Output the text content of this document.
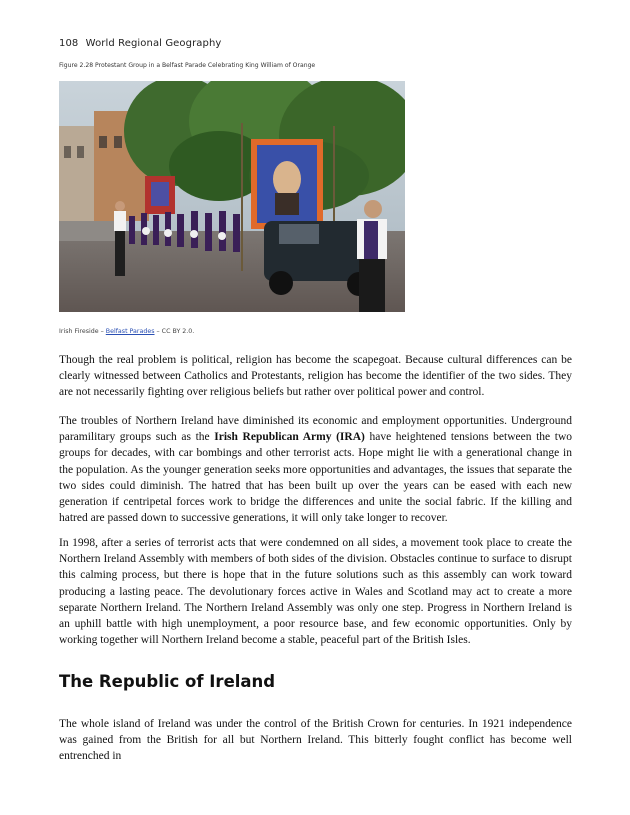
108 World Regional Geography
Figure 2.28 Protestant Group in a Belfast Parade Celebrating King William of Orange
Irish Fireside – Belfast Parades – CC BY 2.0.

Though the real problem is political, religion has become the scapegoat. Because cultural differences can be clearly witnessed between Catholics and Protestants, religion has become the identifier of the two sides. They are not necessarily fighting over religious beliefs but rather over political power and control.

The troubles of Northern Ireland have diminished its economic and employment opportunities. Underground paramilitary groups such as the Irish Republican Army (IRA) have heightened tensions between the two groups for decades, with car bombings and other terrorist acts. Hope might lie with a generational change in the population. As the younger generation seeks more opportunities and advantages, the issues that separate the two sides could diminish. The hatred that has been built up over the years can be eased with each new generation if centripetal forces work to bridge the differences and unite the social fabric. If the killing and hatred are passed down to successive generations, it will only take longer to recover.

In 1998, after a series of terrorist acts that were condemned on all sides, a movement took place to create the Northern Ireland Assembly with members of both sides of the division. Obstacles continue to surface to disrupt this calming process, but there is hope that in the future solutions such as this assembly can work toward producing a lasting peace. The devolutionary forces active in Wales and Scotland may act to create a more separate Northern Ireland. The Northern Ireland Assembly was only one step. Progress in Northern Ireland is an uphill battle with high unemployment, a poor resource base, and few economic opportunities. Only by working together will Northern Ireland become a stable, peaceful part of the British Isles.

The Republic of Ireland

The whole island of Ireland was under the control of the British Crown for centuries. In 1921 independence was gained from the British for all but Northern Ireland. This bitterly fought conflict has become well entrenched in
